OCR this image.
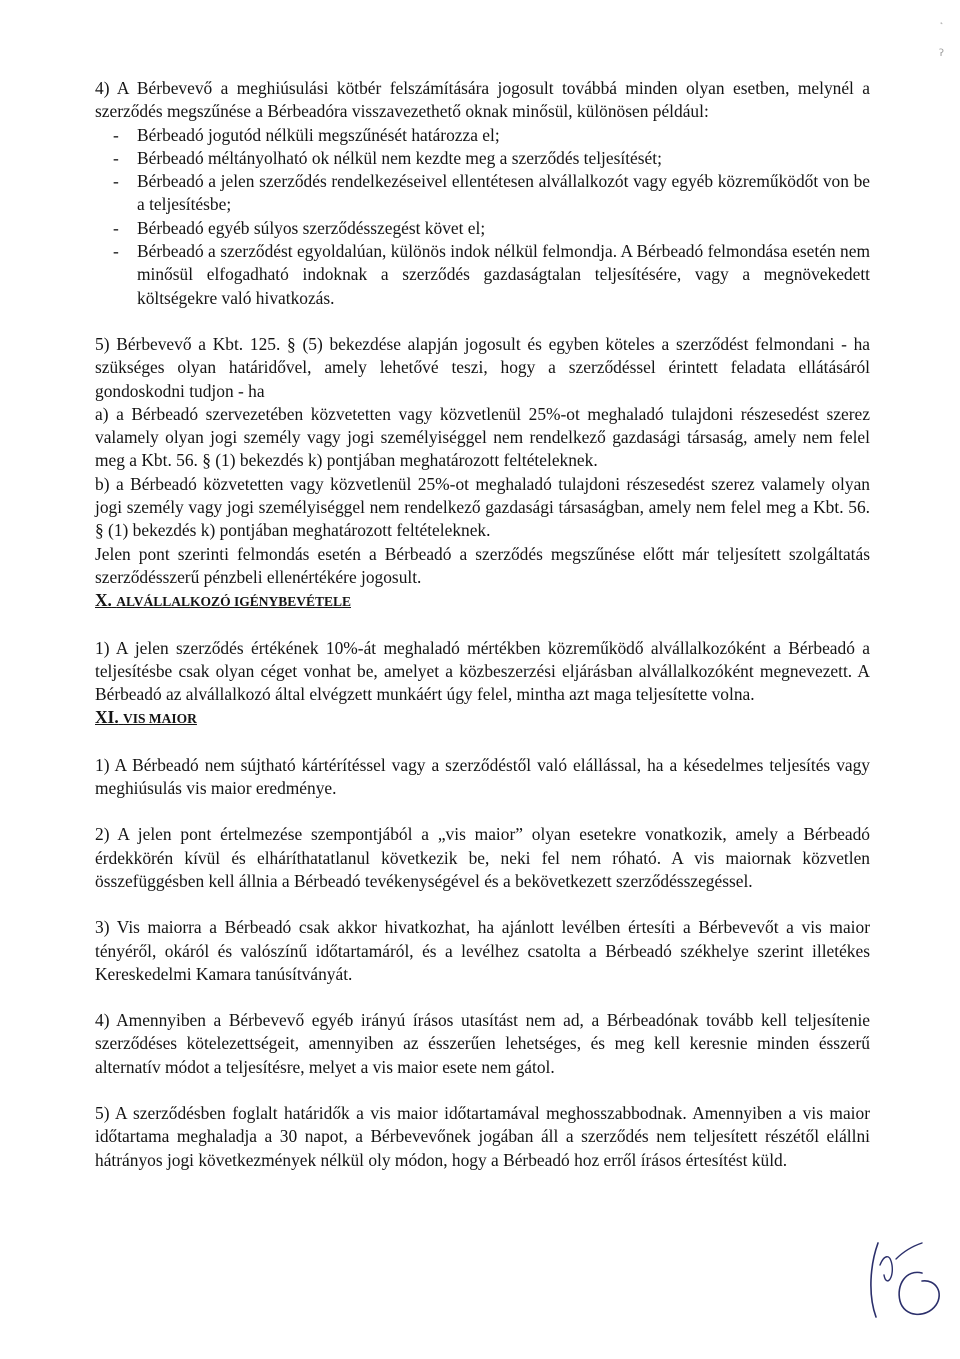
˛
ʔ

4) A Bérbevevő a meghiúsulási kötbér felszámítására jogosult továbbá minden olyan esetben, melynél a szerződés megszűnése a Bérbeadóra visszavezethető oknak minősül, különösen például:

- Bérbeadó jogutód nélküli megszűnését határozza el;
- Bérbeadó méltányolható ok nélkül nem kezdte meg a szerződés teljesítését;
- Bérbeadó a jelen szerződés rendelkezéseivel ellentétesen alvállalkozót vagy egyéb közreműködőt von be a teljesítésbe;
- Bérbeadó egyéb súlyos szerződésszegést követ el;
- Bérbeadó a szerződést egyoldalúan, különös indok nélkül felmondja. A Bérbeadó felmondása esetén nem minősül elfogadható indoknak a szerződés gazdaságtalan teljesítésére, vagy a megnövekedett költségekre való hivatkozás.

5) Bérbevevő a Kbt. 125. § (5) bekezdése alapján jogosult és egyben köteles a szerződést felmondani - ha szükséges olyan határidővel, amely lehetővé teszi, hogy a szerződéssel érintett feladata ellátásáról gondoskodni tudjon - ha

a) a Bérbeadó szervezetében közvetetten vagy közvetlenül 25%-ot meghaladó tulajdoni részesedést szerez valamely olyan jogi személy vagy jogi személyiséggel nem rendelkező gazdasági társaság, amely nem felel meg a Kbt. 56. § (1) bekezdés k) pontjában meghatározott feltételeknek.

b) a Bérbeadó közvetetten vagy közvetlenül 25%-ot meghaladó tulajdoni részesedést szerez valamely olyan jogi személy vagy jogi személyiséggel nem rendelkező gazdasági társaságban, amely nem felel meg a Kbt. 56. § (1) bekezdés k) pontjában meghatározott feltételeknek.

Jelen pont szerinti felmondás esetén a Bérbeadó a szerződés megszűnése előtt már teljesített szolgáltatás szerződésszerű pénzbeli ellenértékére jogosult.

X. ALVÁLLALKOZÓ IGÉNYBEVÉTELE

1) A jelen szerződés értékének 10%-át meghaladó mértékben közreműködő alvállalkozóként a Bérbeadó a teljesítésbe csak olyan céget vonhat be, amelyet a közbeszerzési eljárásban alvállalkozóként megnevezett. A Bérbeadó az alvállalkozó által elvégzett munkáért úgy felel, mintha azt maga teljesítette volna.

XI. VIS MAIOR

1) A Bérbeadó nem sújtható kártérítéssel vagy a szerződéstől való elállással, ha a késedelmes teljesítés vagy meghiúsulás vis maior eredménye.

2) A jelen pont értelmezése szempontjából a „vis maior” olyan esetekre vonatkozik, amely a Bérbeadó érdekkörén kívül és elháríthatatlanul következik be, neki fel nem róható. A vis maiornak közvetlen összefüggésben kell állnia a Bérbeadó tevékenységével és a bekövetkezett szerződésszegéssel.

3) Vis maiorra a Bérbeadó csak akkor hivatkozhat, ha ajánlott levélben értesíti a Bérbevevőt a vis maior tényéről, okáról és valószínű időtartamáról, és a levélhez csatolta a Bérbeadó székhelye szerint illetékes Kereskedelmi Kamara tanúsítványát.

4) Amennyiben a Bérbevevő egyéb irányú írásos utasítást nem ad, a Bérbeadónak tovább kell teljesítenie szerződéses kötelezettségeit, amennyiben az ésszerűen lehetséges, és meg kell keresnie minden ésszerű alternatív módot a teljesítésre, melyet a vis maior esete nem gátol.

5) A szerződésben foglalt határidők a vis maior időtartamával meghosszabbodnak. Amennyiben a vis maior időtartama meghaladja a 30 napot, a Bérbevevőnek jogában áll a szerződés nem teljesített részétől elállni hátrányos jogi következmények nélkül oly módon, hogy a Bérbeadó hoz erről írásos értesítést küld.
